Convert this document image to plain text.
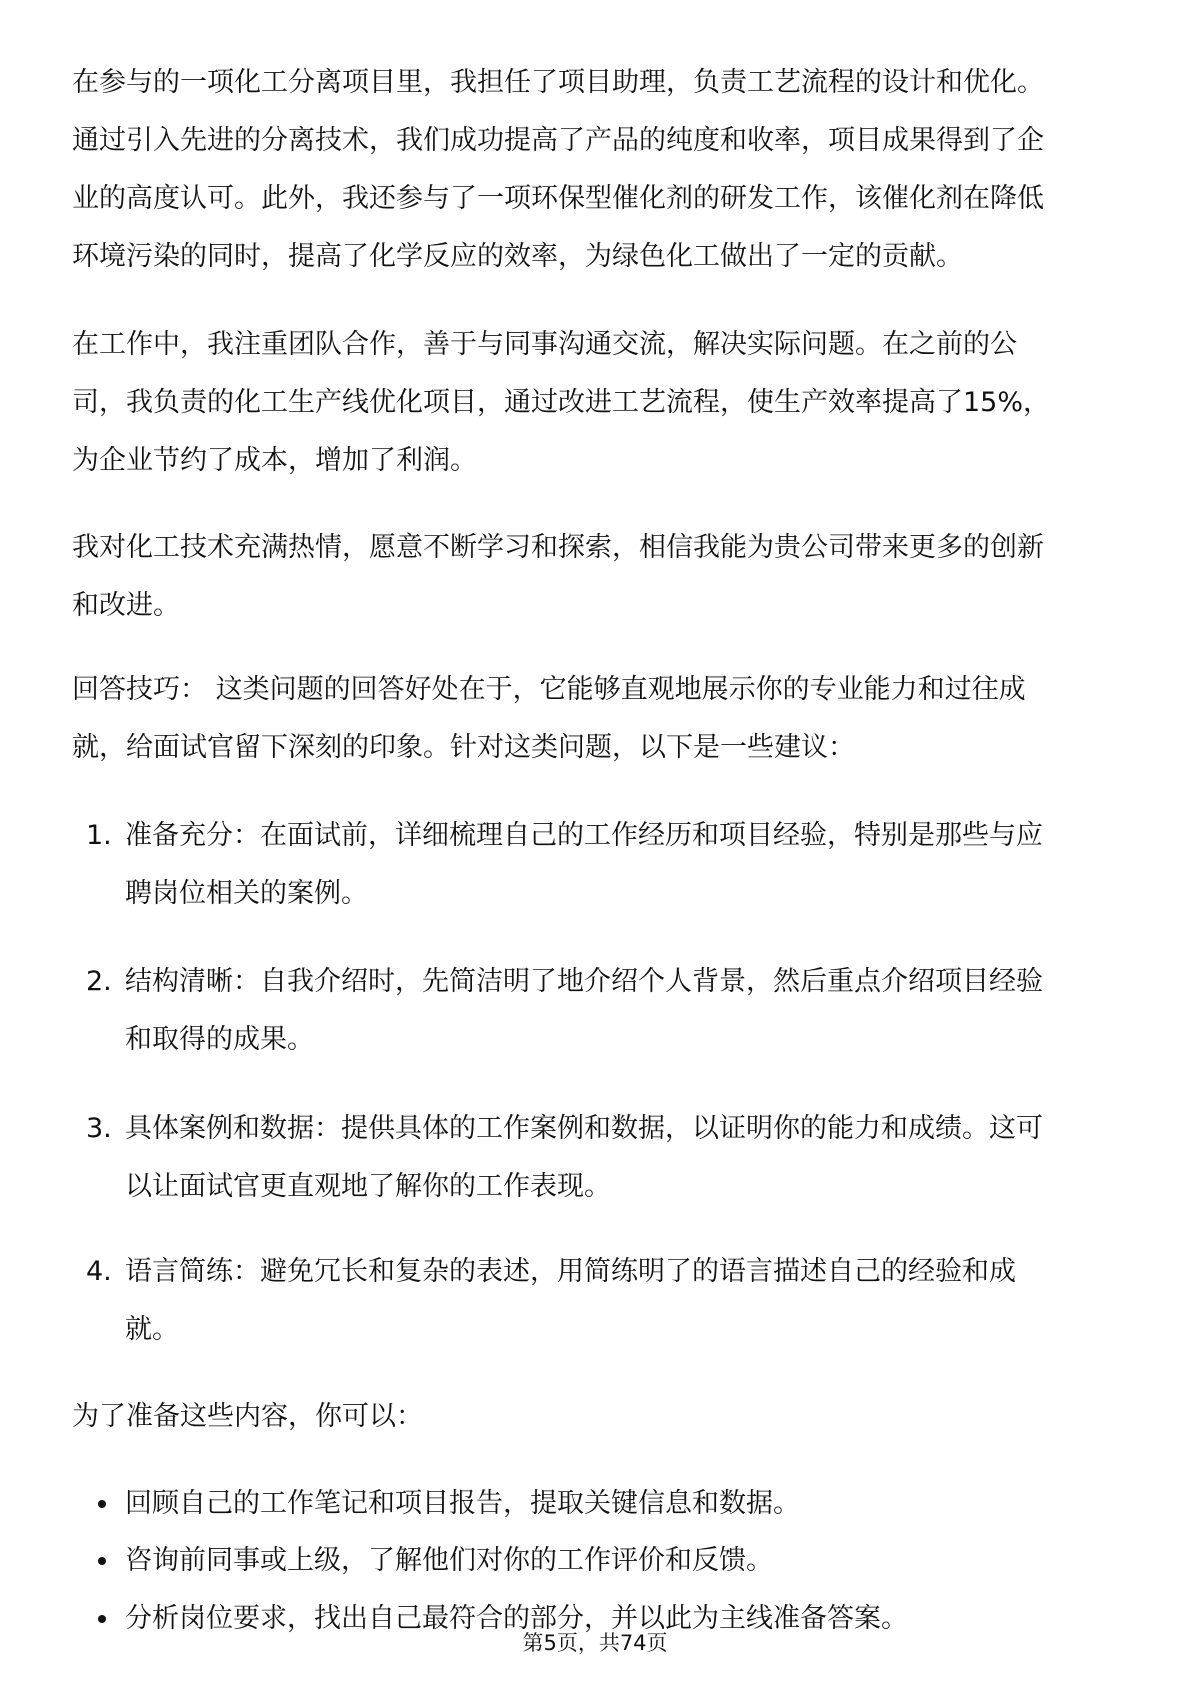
在参与的一项化工分离项目里，我担任了项目助理，负责工艺流程的设计和优化。
通过引入先进的分离技术，我们成功提高了产品的纯度和收率，项目成果得到了企
业的高度认可。此外，我还参与了一项环保型催化剂的研发工作，该催化剂在降低
环境污染的同时，提高了化学反应的效率，为绿色化工做出了一定的贡献。
在工作中，我注重团队合作，善于与同事沟通交流，解决实际问题。在之前的公
司，我负责的化工生产线优化项目，通过改进工艺流程，使生产效率提高了15%，
为企业节约了成本，增加了利润。
我对化工技术充满热情，愿意不断学习和探索，相信我能为贵公司带来更多的创新
和改进。
回答技巧： 这类问题的回答好处在于，它能够直观地展示你的专业能力和过往成
就，给面试官留下深刻的印象。针对这类问题，以下是一些建议：
1. 准备充分：在面试前，详细梳理自己的工作经历和项目经验，特别是那些与应
聘岗位相关的案例。
2. 结构清晰：自我介绍时，先简洁明了地介绍个人背景，然后重点介绍项目经验
和取得的成果。
3. 具体案例和数据：提供具体的工作案例和数据，以证明你的能力和成绩。这可
以让面试官更直观地了解你的工作表现。
4. 语言简练：避免冗长和复杂的表述，用简练明了的语言描述自己的经验和成
就。
为了准备这些内容，你可以：
回顾自己的工作笔记和项目报告，提取关键信息和数据。
咨询前同事或上级，了解他们对你的工作评价和反馈。
分析岗位要求，找出自己最符合的部分，并以此为主线准备答案。
第5页，共74页
